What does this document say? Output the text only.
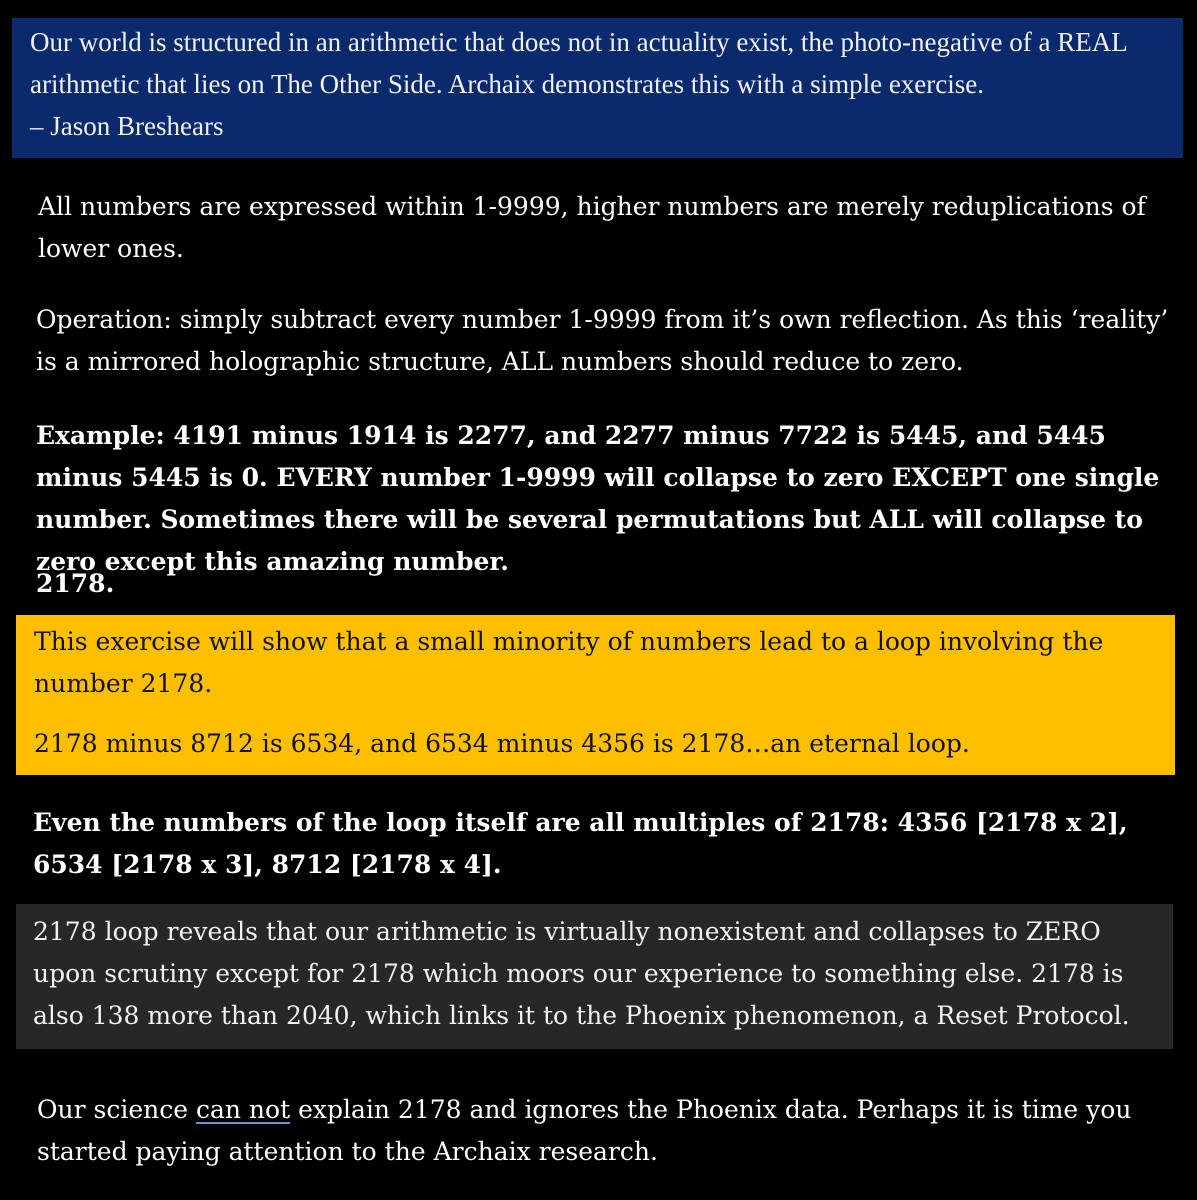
Our world is structured in an arithmetic that does not in actuality exist, the photo-negative of a REAL arithmetic that lies on The Other Side. Archaix demonstrates this with a simple exercise.
– Jason Breshears

All numbers are expressed within 1-9999, higher numbers are merely reduplications of lower ones.

Operation: simply subtract every number 1-9999 from it’s own reflection. As this ‘reality’ is a mirrored holographic structure, ALL numbers should reduce to zero.

Example: 4191 minus 1914 is 2277, and 2277 minus 7722 is 5445, and 5445 minus 5445 is 0. EVERY number 1-9999 will collapse to zero EXCEPT one single number. Sometimes there will be several permutations but ALL will collapse to zero except this amazing number.

2178.

This exercise will show that a small minority of numbers lead to a loop involving the number 2178.

2178 minus 8712 is 6534, and 6534 minus 4356 is 2178…an eternal loop.

Even the numbers of the loop itself are all multiples of 2178: 4356 [2178 x 2], 6534 [2178 x 3], 8712 [2178 x 4].

2178 loop reveals that our arithmetic is virtually nonexistent and collapses to ZERO upon scrutiny except for 2178 which moors our experience to something else. 2178 is also 138 more than 2040, which links it to the Phoenix phenomenon, a Reset Protocol.

Our science can not explain 2178 and ignores the Phoenix data. Perhaps it is time you started paying attention to the Archaix research.
